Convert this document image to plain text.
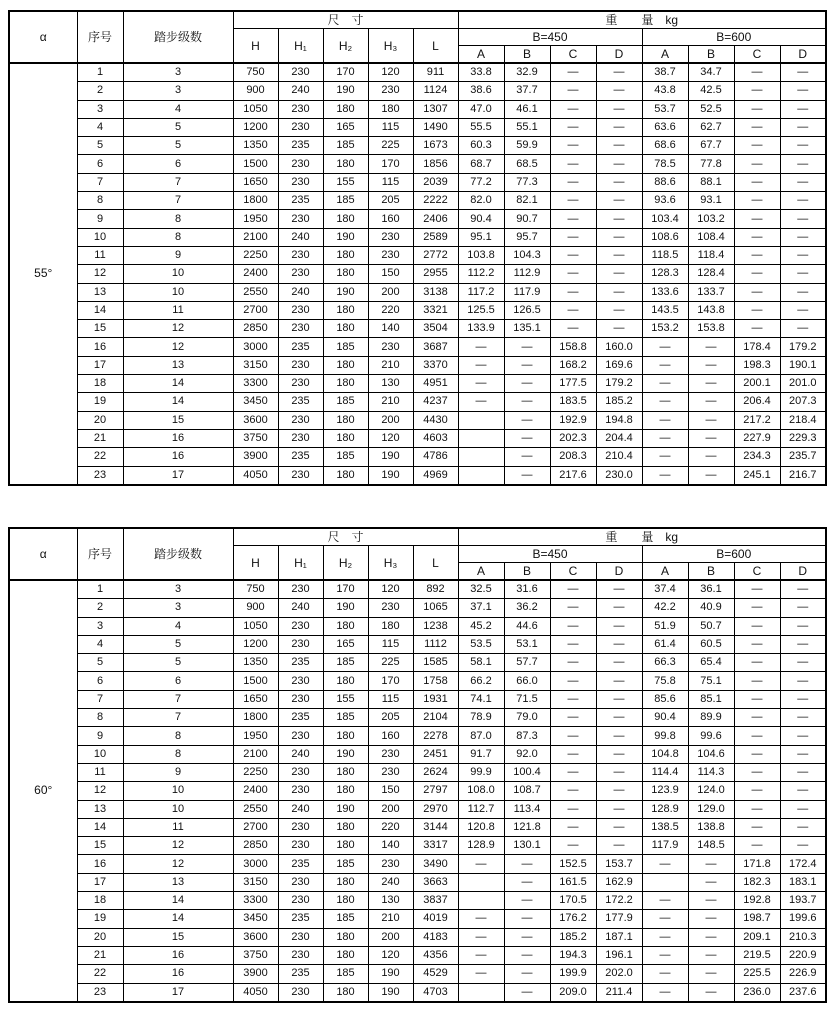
α	序号	踏步级数	尺　寸					重　　量　kg							
			H	H₁	H₂	H₃	L	B=450				B=600			
								A	B	C	D	A	B	C	D
55°	1	3	750	230	170	120	911	33.8	32.9	—	—	38.7	34.7	—	—
	2	3	900	240	190	230	1124	38.6	37.7	—	—	43.8	42.5	—	—
	3	4	1050	230	180	180	1307	47.0	46.1	—	—	53.7	52.5	—	—
	4	5	1200	230	165	115	1490	55.5	55.1	—	—	63.6	62.7	—	—
	5	5	1350	235	185	225	1673	60.3	59.9	—	—	68.6	67.7	—	—
	6	6	1500	230	180	170	1856	68.7	68.5	—	—	78.5	77.8	—	—
	7	7	1650	230	155	115	2039	77.2	77.3	—	—	88.6	88.1	—	—
	8	7	1800	235	185	205	2222	82.0	82.1	—	—	93.6	93.1	—	—
	9	8	1950	230	180	160	2406	90.4	90.7	—	—	103.4	103.2	—	—
	10	8	2100	240	190	230	2589	95.1	95.7	—	—	108.6	108.4	—	—
	11	9	2250	230	180	230	2772	103.8	104.3	—	—	118.5	118.4	—	—
	12	10	2400	230	180	150	2955	112.2	112.9	—	—	128.3	128.4	—	—
	13	10	2550	240	190	200	3138	117.2	117.9	—	—	133.6	133.7	—	—
	14	11	2700	230	180	220	3321	125.5	126.5	—	—	143.5	143.8	—	—
	15	12	2850	230	180	140	3504	133.9	135.1	—	—	153.2	153.8	—	—
	16	12	3000	235	185	230	3687	—	—	158.8	160.0	—	—	178.4	179.2
	17	13	3150	230	180	210	3370	—	—	168.2	169.6	—	—	198.3	190.1
	18	14	3300	230	180	130	4951	—	—	177.5	179.2	—	—	200.1	201.0
	19	14	3450	235	185	210	4237	—	—	183.5	185.2	—	—	206.4	207.3
	20	15	3600	230	180	200	4430		—	192.9	194.8	—	—	217.2	218.4
	21	16	3750	230	180	120	4603		—	202.3	204.4	—	—	227.9	229.3
	22	16	3900	235	185	190	4786		—	208.3	210.4	—	—	234.3	235.7
	23	17	4050	230	180	190	4969		—	217.6	230.0	—	—	245.1	216.7
α	序号	踏步级数	尺　寸					重　　量　kg							
			H	H₁	H₂	H₃	L	B=450				B=600			
								A	B	C	D	A	B	C	D
60°	1	3	750	230	170	120	892	32.5	31.6	—	—	37.4	36.1	—	—
	2	3	900	240	190	230	1065	37.1	36.2	—	—	42.2	40.9	—	—
	3	4	1050	230	180	180	1238	45.2	44.6	—	—	51.9	50.7	—	—
	4	5	1200	230	165	115	1112	53.5	53.1	—	—	61.4	60.5	—	—
	5	5	1350	235	185	225	1585	58.1	57.7	—	—	66.3	65.4	—	—
	6	6	1500	230	180	170	1758	66.2	66.0	—	—	75.8	75.1	—	—
	7	7	1650	230	155	115	1931	74.1	71.5	—	—	85.6	85.1	—	—
	8	7	1800	235	185	205	2104	78.9	79.0	—	—	90.4	89.9	—	—
	9	8	1950	230	180	160	2278	87.0	87.3	—	—	99.8	99.6	—	—
	10	8	2100	240	190	230	2451	91.7	92.0	—	—	104.8	104.6	—	—
	11	9	2250	230	180	230	2624	99.9	100.4	—	—	114.4	114.3	—	—
	12	10	2400	230	180	150	2797	108.0	108.7	—	—	123.9	124.0	—	—
	13	10	2550	240	190	200	2970	112.7	113.4	—	—	128.9	129.0	—	—
	14	11	2700	230	180	220	3144	120.8	121.8	—	—	138.5	138.8	—	—
	15	12	2850	230	180	140	3317	128.9	130.1	—	—	117.9	148.5	—	—
	16	12	3000	235	185	230	3490	—	—	152.5	153.7	—	—	171.8	172.4
	17	13	3150	230	180	240	3663		—	161.5	162.9		—	182.3	183.1
	18	14	3300	230	180	130	3837		—	170.5	172.2	—	—	192.8	193.7
	19	14	3450	235	185	210	4019	—	—	176.2	177.9	—	—	198.7	199.6
	20	15	3600	230	180	200	4183	—	—	185.2	187.1	—	—	209.1	210.3
	21	16	3750	230	180	120	4356	—	—	194.3	196.1	—	—	219.5	220.9
	22	16	3900	235	185	190	4529	—	—	199.9	202.0	—	—	225.5	226.9
	23	17	4050	230	180	190	4703		—	209.0	211.4	—	—	236.0	237.6
